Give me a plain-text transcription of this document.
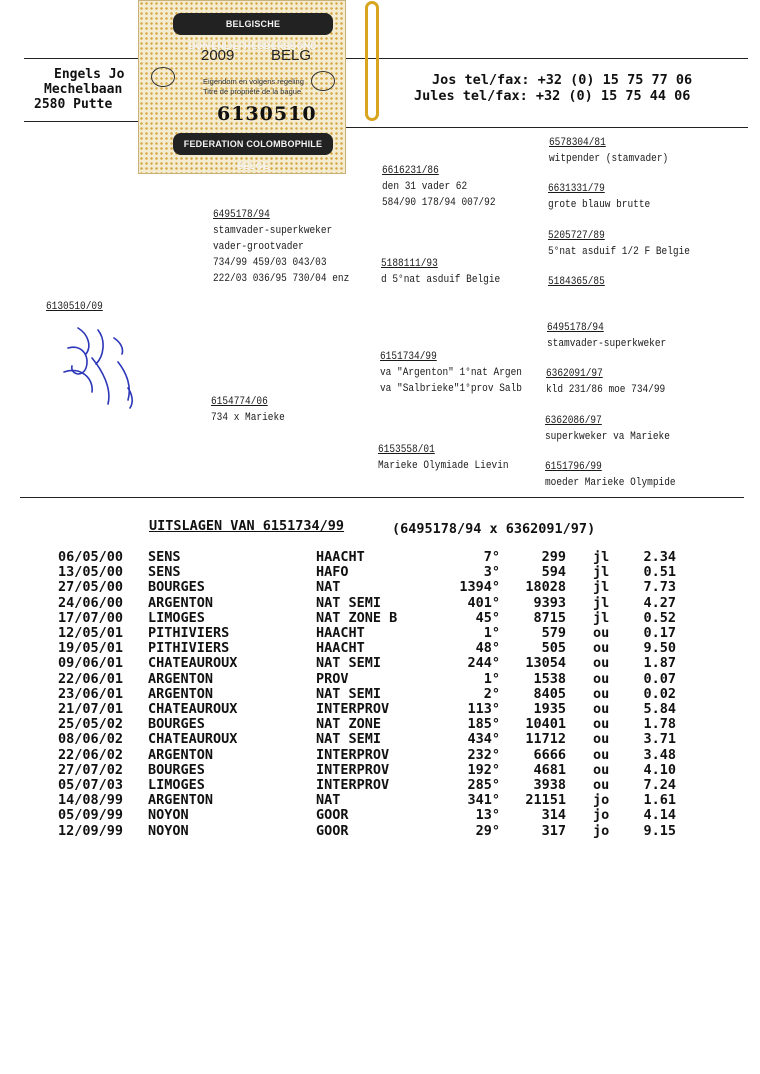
Engels Jo
Mechelbaan
2580 Putte
Jos tel/fax: +32 (0) 15 75 77 06
Jules tel/fax: +32 (0) 15 75 44 06
BELGISCHE DUIVENLIEFHEBBERSBOND
2009 BELG
Eigendom en volgens regeling
Titre de propriété de la bague
6130510
FEDERATION COLOMBOPHILE BELGE
6130510/09
6495178/94
stamvader-superkweker
vader-grootvader
734/99 459/03 043/03
222/03 036/95 730/04 enz
6154774/06
734 x Marieke
6616231/86
den 31 vader 62
584/90 178/94 007/92
5188111/93
d 5°nat asduif Belgie
6151734/99
va "Argenton" 1°nat Argen
va "Salbrieke"1°prov Salb
6153558/01
Marieke Olymiade Lievin
6578304/81
witpender (stamvader)
6631331/79
grote blauw brutte
5205727/89
5°nat asduif 1/2 F Belgie
5184365/85
6495178/94
stamvader-superkweker
6362091/97
kld 231/86 moe 734/99
6362086/97
superkweker va Marieke
6151796/99
moeder Marieke Olympide
UITSLAGEN VAN 6151734/99	(6495178/94 x 6362091/97)
06/05/00 SENS	HAACHT	7°	299 jl	2.34
13/05/00 SENS	HAFO	3°	594 jl	0.51
27/05/00 BOURGES	NAT	1394° 18028 jl	7.73
24/06/00 ARGENTON	NAT SEMI	401° 9393 jl	4.27
17/07/00 LIMOGES	NAT ZONE B	45° 8715 jl	0.52
12/05/01 PITHIVIERS	HAACHT	1°	579 ou	0.17
19/05/01 PITHIVIERS	HAACHT	48°	505 ou	9.50
09/06/01 CHATEAUROUX	NAT SEMI	244° 13054 ou	1.87
22/06/01 ARGENTON	PROV	1° 1538 ou	0.07
23/06/01 ARGENTON	NAT SEMI	2° 8405 ou	0.02
21/07/01 CHATEAUROUX	INTERPROV	113° 1935 ou	5.84
25/05/02 BOURGES	NAT ZONE	185° 10401 ou	1.78
08/06/02 CHATEAUROUX	NAT SEMI	434° 11712 ou	3.71
22/06/02 ARGENTON	INTERPROV	232° 6666 ou	3.48
27/07/02 BOURGES	INTERPROV	192° 4681 ou	4.10
05/07/03 LIMOGES	INTERPROV	285° 3938 ou	7.24
14/08/99 ARGENTON	NAT	341° 21151 jo	1.61
05/09/99 NOYON	GOOR	13°	314 jo	4.14
12/09/99 NOYON	GOOR	29°	317 jo	9.15
